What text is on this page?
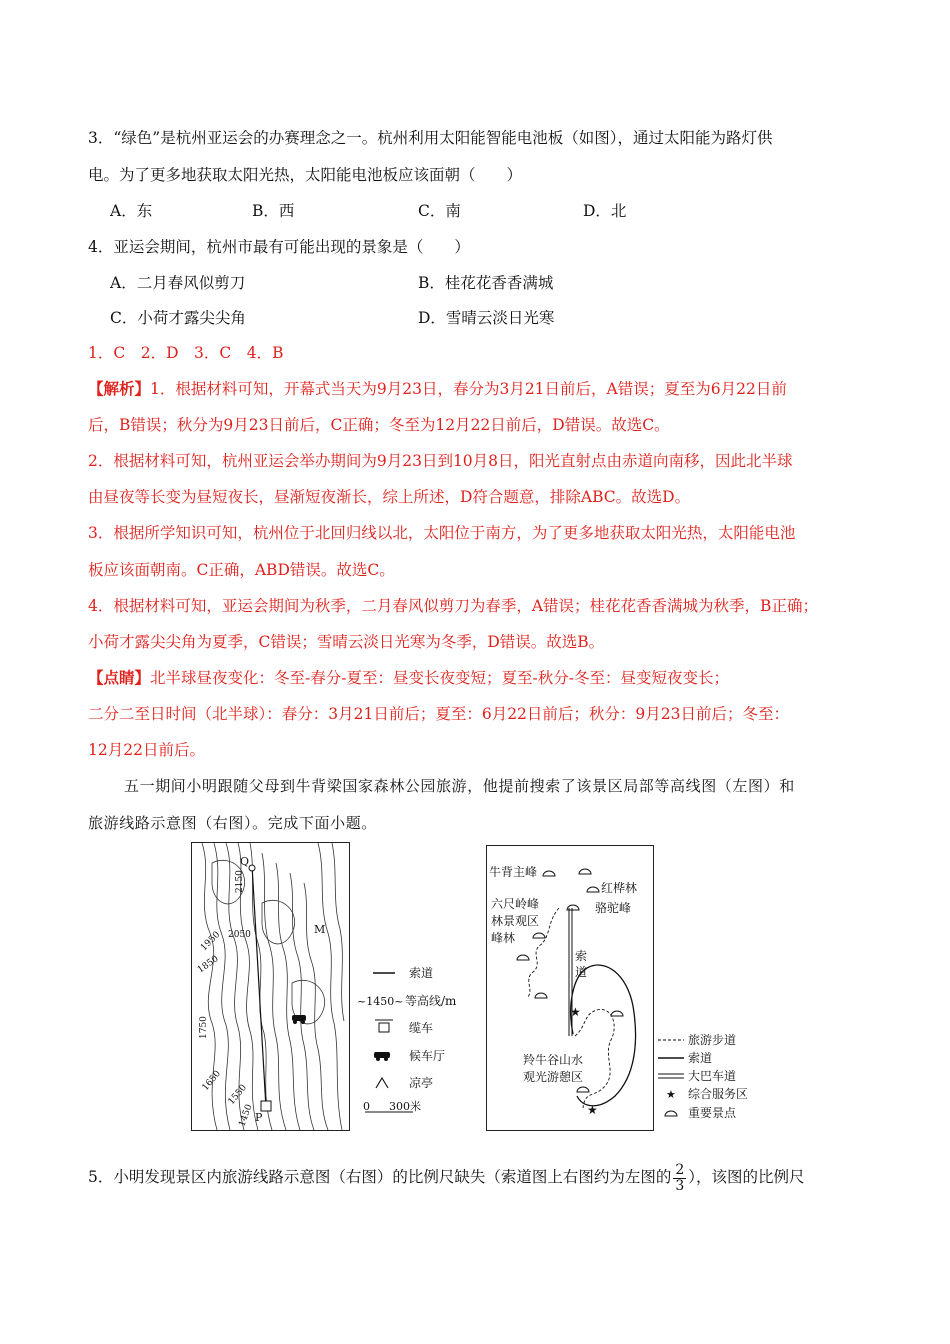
3．“绿色”是杭州亚运会的办赛理念之一。杭州利用太阳能智能电池板（如图），通过太阳能为路灯供
电。为了更多地获取太阳光热，太阳能电池板应该面朝（　　）
A．东	B．西	C．南	D．北
4．亚运会期间，杭州市最有可能出现的景象是（　　）
A．二月春风似剪刀	B．桂花花香香满城
C．小荷才露尖尖角	D．雪晴云淡日光寒
1．C　2．D　3．C　4．B
【解析】1．根据材料可知，开幕式当天为9月23日，春分为3月21日前后，A错误；夏至为6月22日前
后，B错误；秋分为9月23日前后，C正确；冬至为12月22日前后，D错误。故选C。
2．根据材料可知，杭州亚运会举办期间为9月23日到10月8日，阳光直射点由赤道向南移，因此北半球
由昼夜等长变为昼短夜长，昼渐短夜渐长，综上所述，D符合题意，排除ABC。故选D。
3．根据所学知识可知，杭州位于北回归线以北，太阳位于南方，为了更多地获取太阳光热，太阳能电池
板应该面朝南。C正确，ABD错误。故选C。
4．根据材料可知，亚运会期间为秋季，二月春风似剪刀为春季，A错误；桂花花香香满城为秋季，B正确；
小荷才露尖尖角为夏季，C错误；雪晴云淡日光寒为冬季，D错误。故选B。
【点睛】北半球昼夜变化：冬至-春分-夏至：昼变长夜变短；夏至-秋分-冬至：昼变短夜变长；
二分二至日时间（北半球）：春分：3月21日前后；夏至：6月22日前后；秋分：9月23日前后；冬至：
12月22日前后。
五一期间小明跟随父母到牛背梁国家森林公园旅游，他提前搜索了该景区局部等高线图（左图）和
旅游线路示意图（右图）。完成下面小题。
Q
M
P
2150
2050
1950
1850
1750
1650
1550
1450
索道
~1450~ 等高线/m
缆车
候车厅
凉亭
0 300米
★
★
牛背主峰
红桦林
骆驼峰
六尺岭峰
林景观区
峰林
索
道
羚牛谷山水
观光游憩区
旅游步道
索道
大巴车道
★ 综合服务区
重要景点
5．小明发现景区内旅游线路示意图（右图）的比例尺缺失（索道图上右图约为左图的 $\frac{2}{3}$ ），该图的比例尺
